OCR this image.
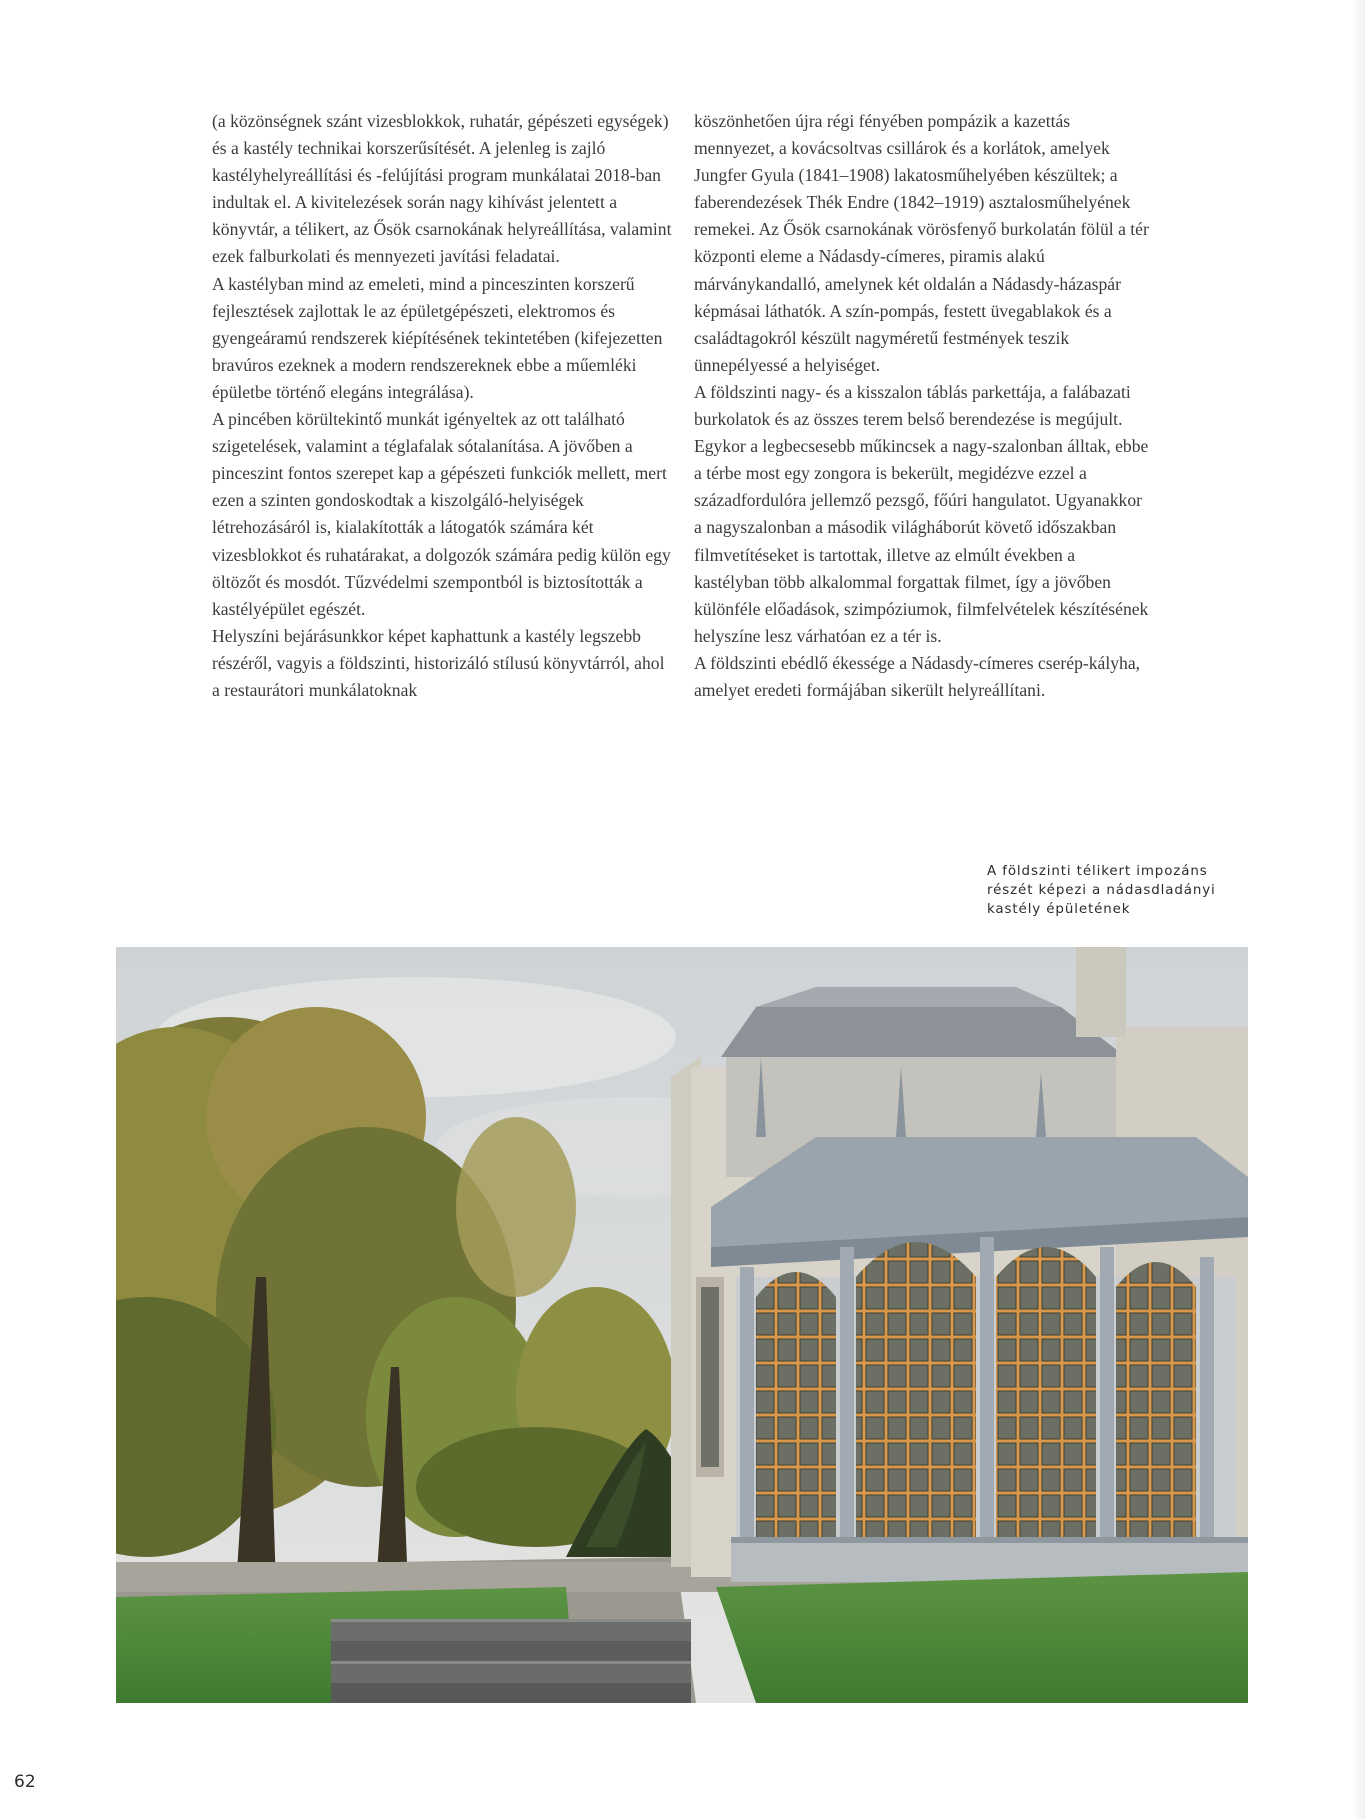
(a közönségnek szánt vizesblokkok, ruhatár, gépészeti egységek) és a kastély technikai korszerűsítését. A jelenleg is zajló kastélyhelyreállítási és -felújítási program munkálatai 2018-ban indultak el. A kivitelezések során nagy kihívást jelentett a könyvtár, a télikert, az Ősök csarnokának helyreállítása, valamint ezek falburkolati és mennyezeti javítási feladatai.

A kastélyban mind az emeleti, mind a pinceszinten korszerű fejlesztések zajlottak le az épületgépészeti, elektromos és gyengeáramú rendszerek kiépítésének tekintetében (kifejezetten bravúros ezeknek a modern rendszereknek ebbe a műemléki épületbe történő elegáns integrálása).

A pincében körültekintő munkát igényeltek az ott található szigetelések, valamint a téglafalak sótalanítása. A jövőben a pinceszint fontos szerepet kap a gépészeti funkciók mellett, mert ezen a szinten gondoskodtak a kiszolgáló-helyiségek létrehozásáról is, kialakították a látogatók számára két vizesblokkot és ruhatárakat, a dolgozók számára pedig külön egy öltözőt és mosdót. Tűzvédelmi szempontból is biztosították a kastélyépület egészét.

Helyszíni bejárásunkkor képet kaphattunk a kastély legszebb részéről, vagyis a földszinti, historizáló stílusú könyvtárról, ahol a restaurátori munkálatoknak

köszönhetően újra régi fényében pompázik a kazettás mennyezet, a kovácsoltvas csillárok és a korlátok, amelyek Jungfer Gyula (1841–1908) lakatosműhelyében készültek; a faberendezések Thék Endre (1842–1919) asztalosműhelyének remekei. Az Ősök csarnokának vörösfenyő burkolatán fölül a tér központi eleme a Nádasdy-címeres, piramis alakú márványkandalló, amelynek két oldalán a Nádasdy-házaspár képmásai láthatók. A szín-pompás, festett üvegablakok és a családtagokról készült nagyméretű festmények teszik ünnepélyessé a helyiséget.

A földszinti nagy- és a kisszalon táblás parkettája, a falábazati burkolatok és az összes terem belső berendezése is megújult. Egykor a legbecsesebb műkincsek a nagy-szalonban álltak, ebbe a térbe most egy zongora is bekerült, megidézve ezzel a századfordulóra jellemző pezsgő, főúri hangulatot. Ugyanakkor a nagyszalonban a második világháborút követő időszakban filmvetítéseket is tartottak, illetve az elmúlt években a kastélyban több alkalommal forgattak filmet, így a jövőben különféle előadások, szimpóziumok, filmfelvételek készítésének helyszíne lesz várhatóan ez a tér is.

A földszinti ebédlő ékessége a Nádasdy-címeres cserép-kályha, amelyet eredeti formájában sikerült helyreállítani.

A földszinti télikert impozáns
részét képezi a nádasdladányi
kastély épületének
62
